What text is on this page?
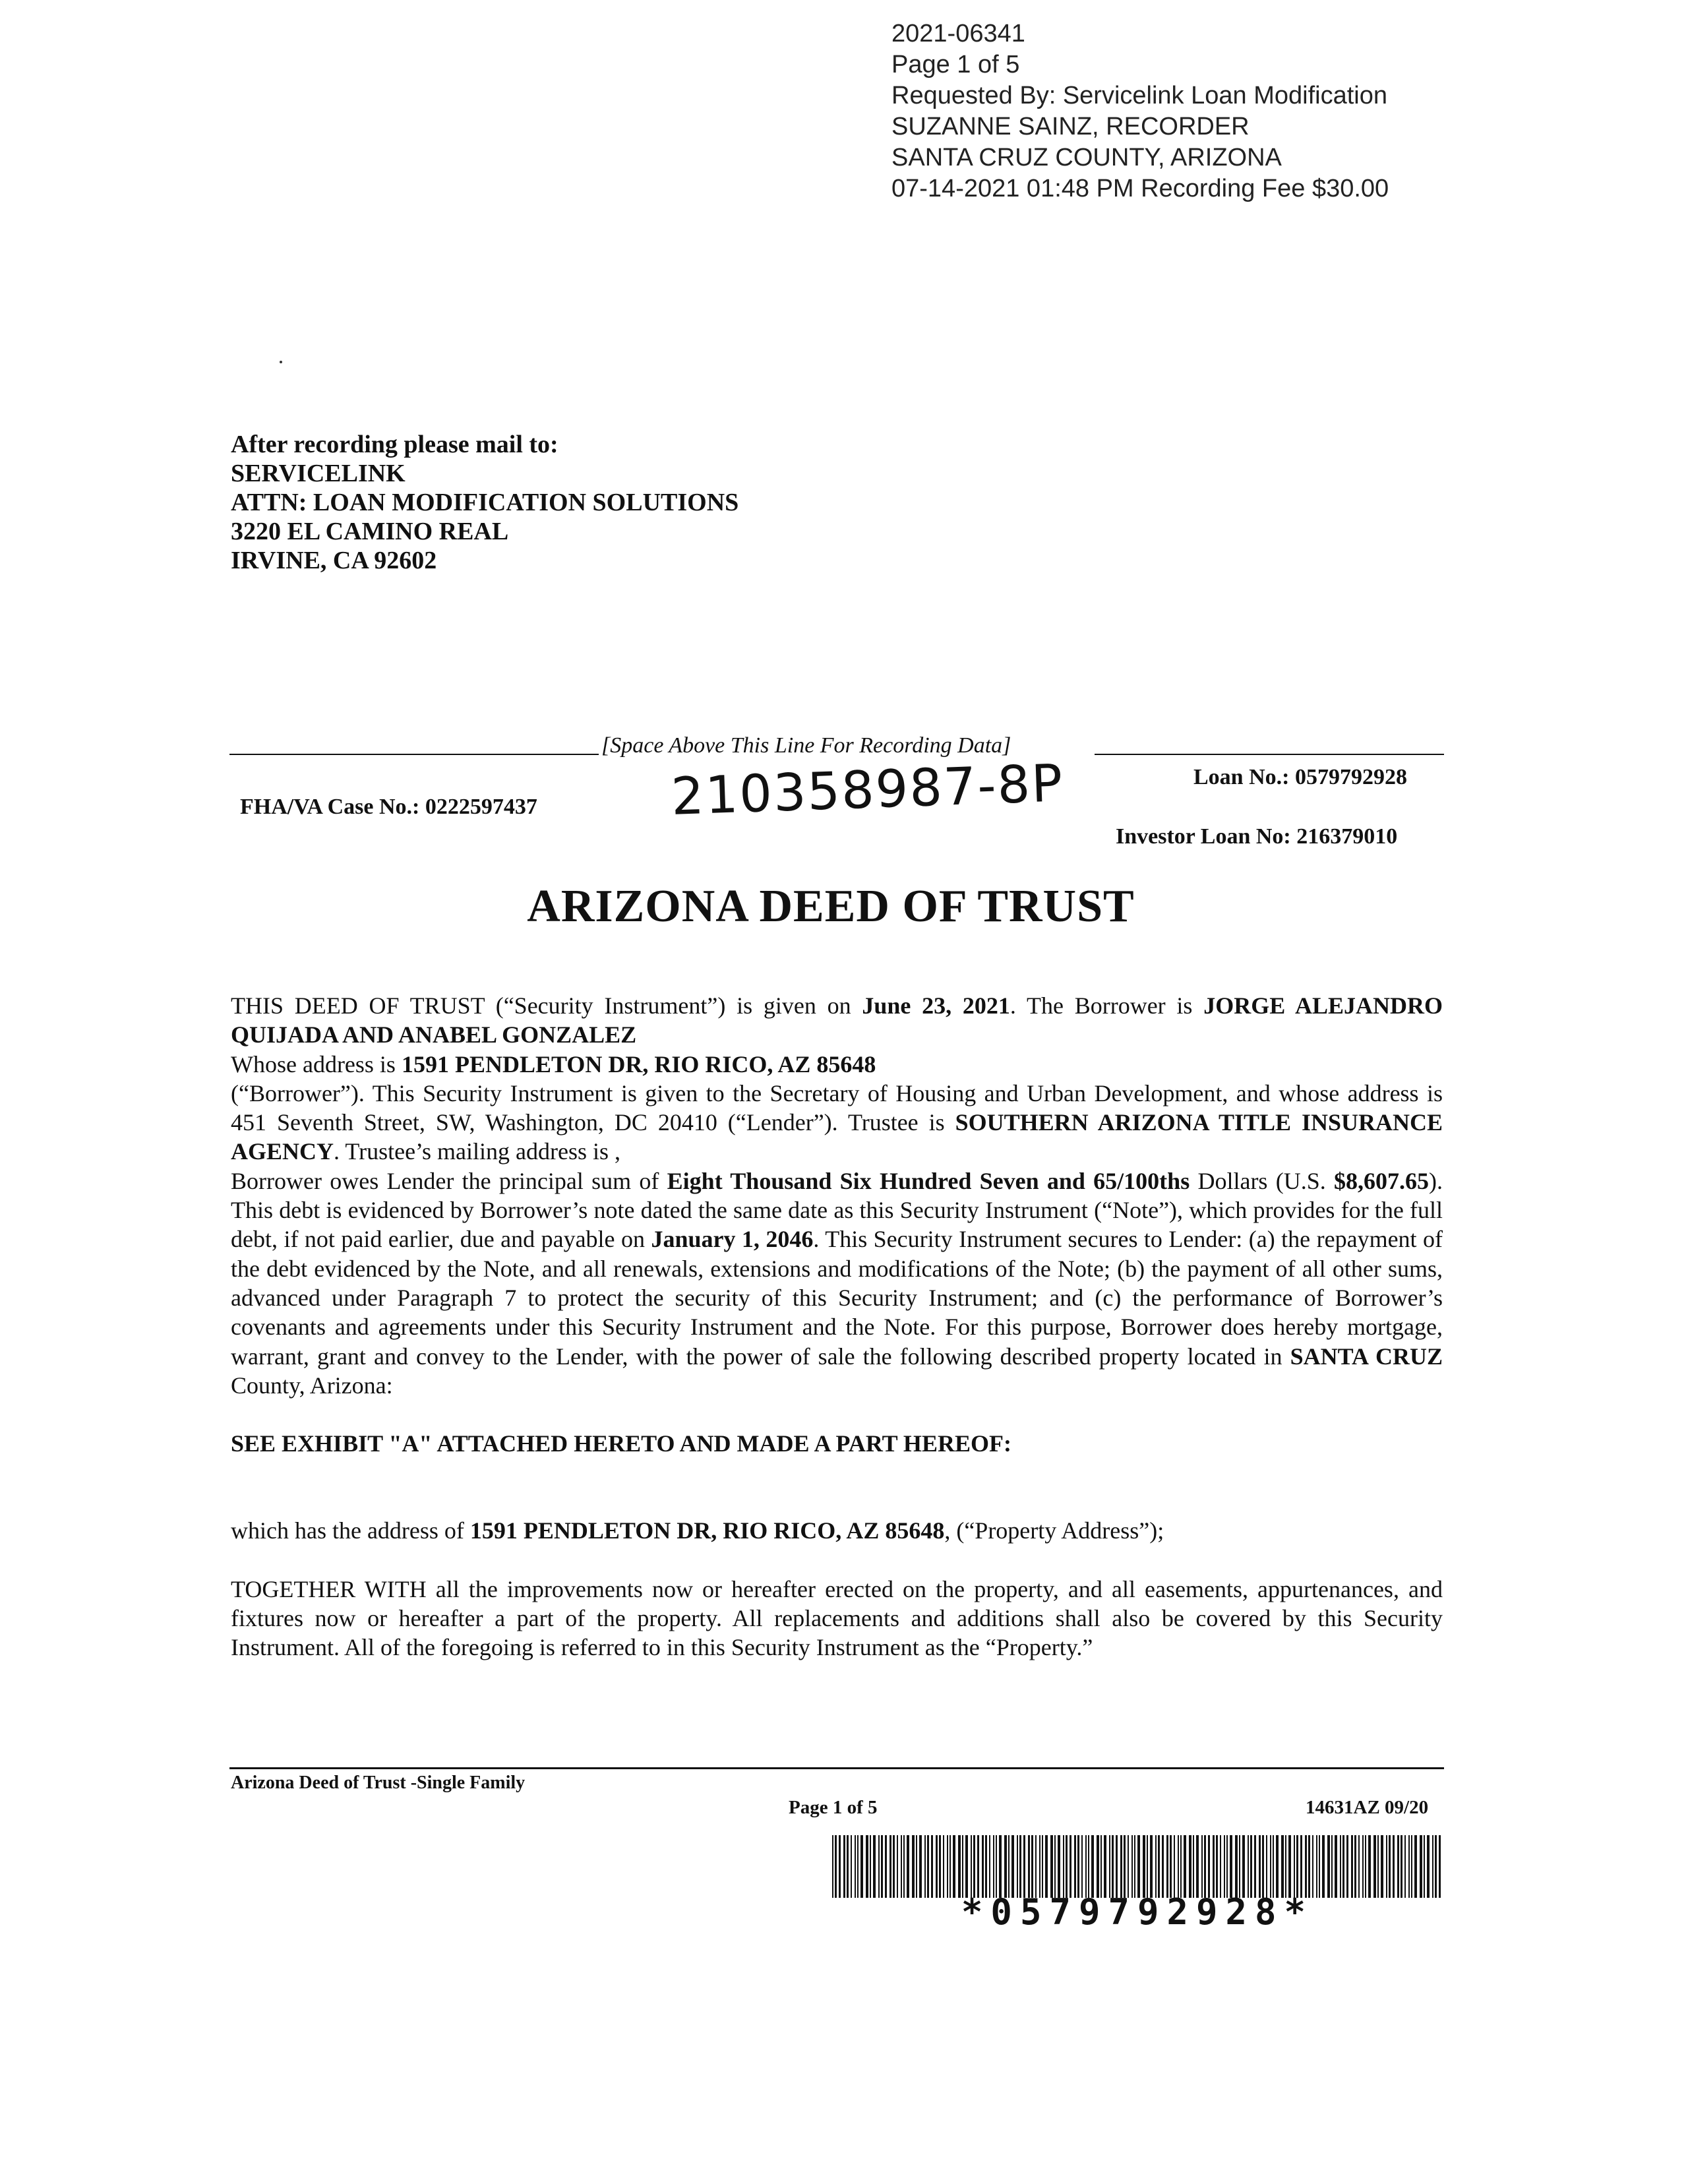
2021-06341
Page 1 of 5
Requested By: Servicelink Loan Modification
SUZANNE SAINZ, RECORDER
SANTA CRUZ COUNTY, ARIZONA
07-14-2021 01:48 PM Recording Fee $30.00
After recording please mail to:
SERVICELINK
ATTN: LOAN MODIFICATION SOLUTIONS
3220 EL CAMINO REAL
IRVINE, CA 92602
[Space Above This Line For Recording Data]
FHA/VA Case No.: 0222597437	210358987-8P	Loan No.: 0579792928
Investor Loan No: 216379010
ARIZONA DEED OF TRUST

THIS DEED OF TRUST (“Security Instrument”) is given on June 23, 2021. The Borrower is JORGE ALEJANDRO QUIJADA AND ANABEL GONZALEZ

Whose address is 1591 PENDLETON DR, RIO RICO, AZ 85648

(“Borrower”). This Security Instrument is given to the Secretary of Housing and Urban Development, and whose address is 451 Seventh Street, SW, Washington, DC 20410 (“Lender”). Trustee is SOUTHERN ARIZONA TITLE INSURANCE AGENCY. Trustee’s mailing address is ,

Borrower owes Lender the principal sum of Eight Thousand Six Hundred Seven and 65/100ths Dollars (U.S. $8,607.65). This debt is evidenced by Borrower’s note dated the same date as this Security Instrument (“Note”), which provides for the full debt, if not paid earlier, due and payable on January 1, 2046. This Security Instrument secures to Lender: (a) the repayment of the debt evidenced by the Note, and all renewals, extensions and modifications of the Note; (b) the payment of all other sums, advanced under Paragraph 7 to protect the security of this Security Instrument; and (c) the performance of Borrower’s covenants and agreements under this Security Instrument and the Note. For this purpose, Borrower does hereby mortgage, warrant, grant and convey to the Lender, with the power of sale the following described property located in SANTA CRUZ County, Arizona:

SEE EXHIBIT "A" ATTACHED HERETO AND MADE A PART HEREOF:

which has the address of 1591 PENDLETON DR, RIO RICO, AZ 85648, (“Property Address”);

TOGETHER WITH all the improvements now or hereafter erected on the property, and all easements, appurtenances, and fixtures now or hereafter a part of the property. All replacements and additions shall also be covered by this Security Instrument. All of the foregoing is referred to in this Security Instrument as the “Property.”

Arizona Deed of Trust -Single Family
Page 1 of 5	14631AZ 09/20
*0579792928*
